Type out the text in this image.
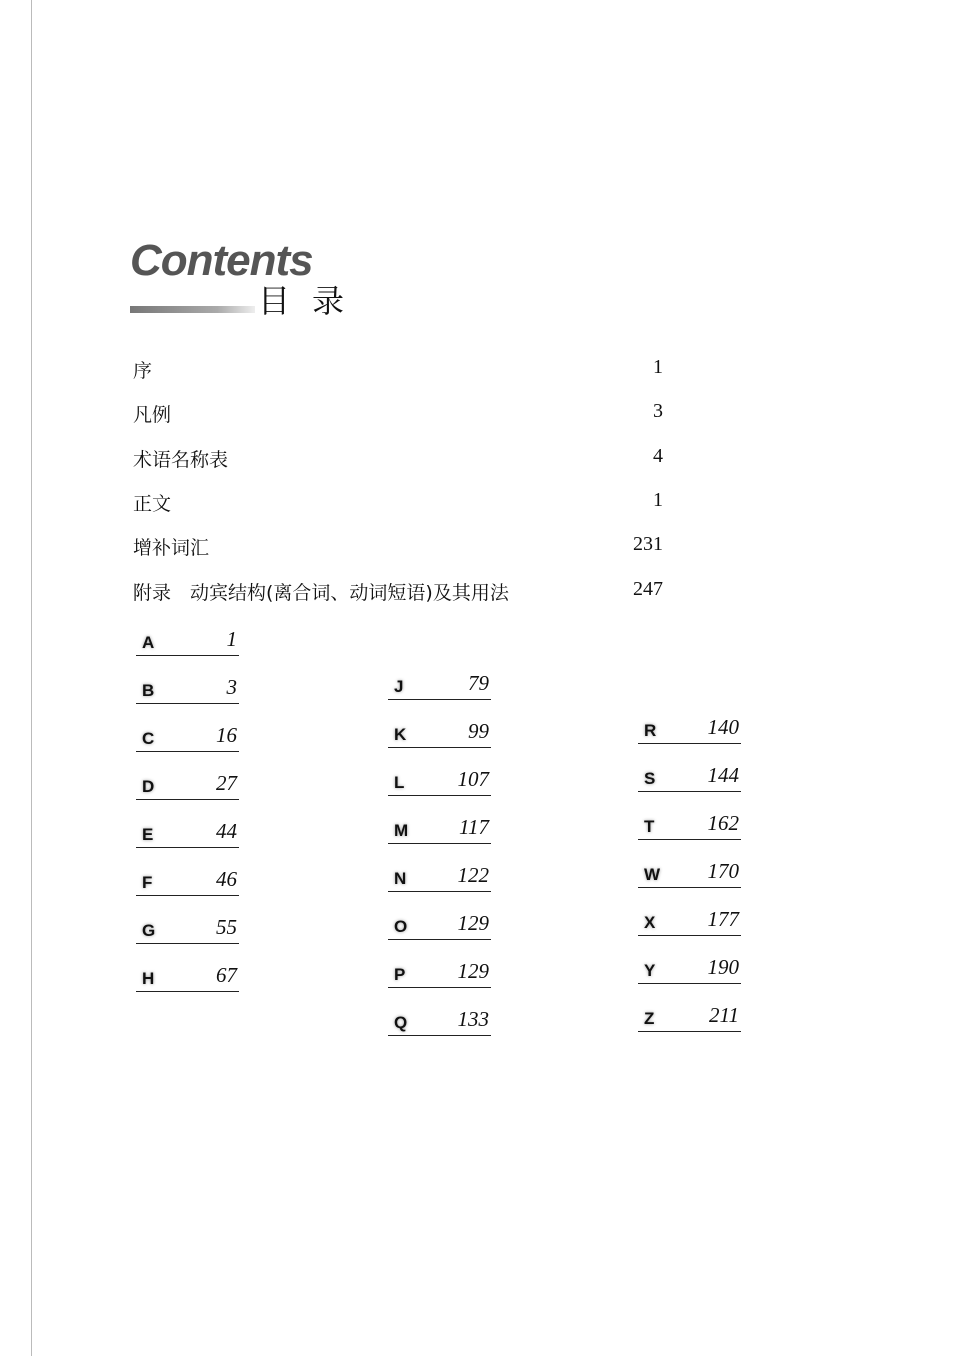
Contents
目录
序	1
凡例	3
术语名称表	4
正文	1
增补词汇	231
附录　动宾结构(离合词、动词短语)及其用法	247
A	1
B	3
C	16
D	27
E	44
F	46
G	55
H	67
J	79
K	99
L	107
M 117
N 122
O 129
P 129
Q 133
R 140
S 144
T	162
W 170
X 177
Y 190
Z	211
